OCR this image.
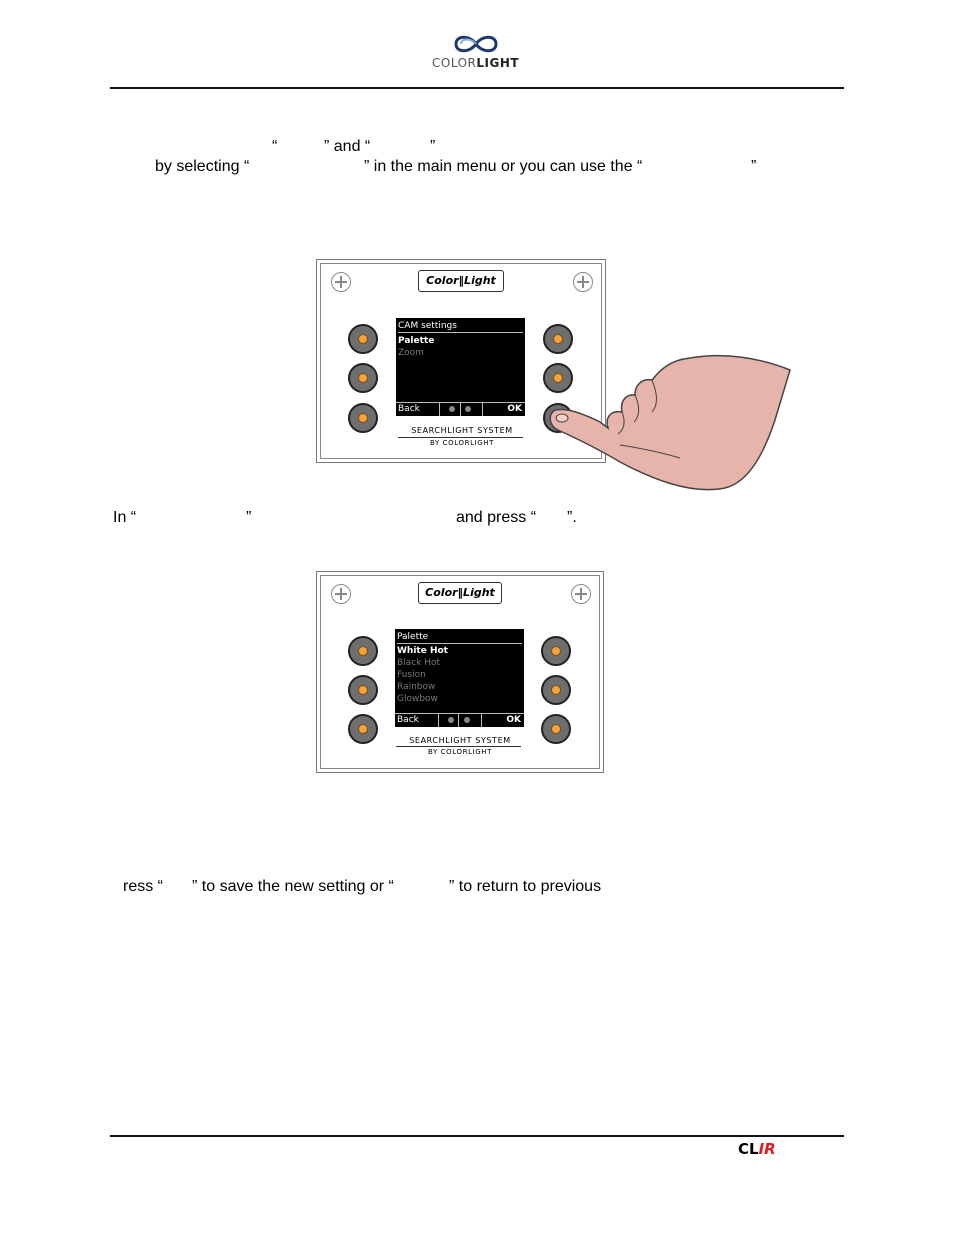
COLORLIGHT
“	” and “	”
by selecting “	” in the main menu or you can use the “	”
Color‖Light
CAM settings
Palette
Zoom
Back	OK
SEARCHLIGHT SYSTEM
BY COLORLIGHT
In “	”	and press “ ”.
Color‖Light
Palette
White Hot
Black Hot
Fusion
Rainbow
Glowbow
Back	OK
SEARCHLIGHT SYSTEM
BY COLORLIGHT
ress “ ” to save the new setting or “	” to return to previous
CLIR
